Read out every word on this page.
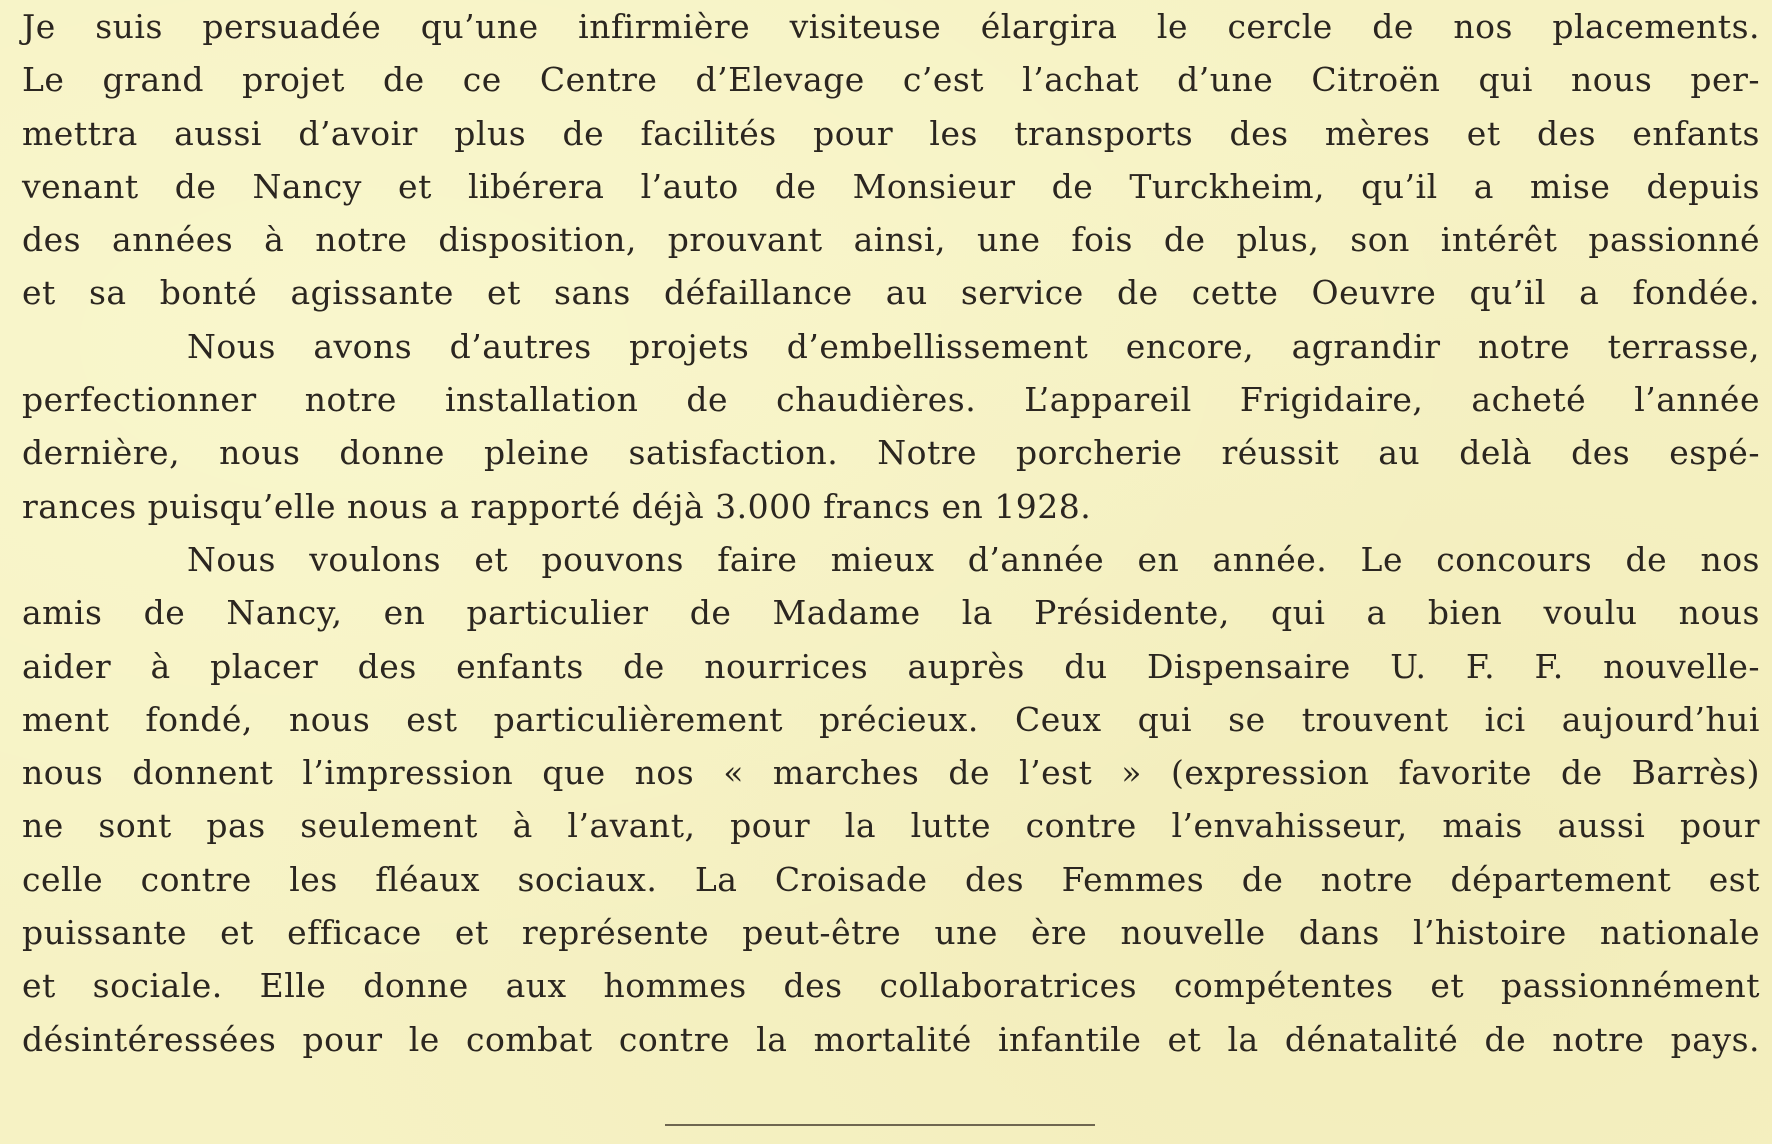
Je suis persuadée qu’une infirmière visiteuse élargira le cercle de nos placements.
Le grand projet de ce Centre d’Elevage c’est l’achat d’une Citroën qui nous per-
mettra aussi d’avoir plus de facilités pour les transports des mères et des enfants
venant de Nancy et libérera l’auto de Monsieur de Turckheim, qu’il a mise depuis
des années à notre disposition, prouvant ainsi, une fois de plus, son intérêt passionné
et sa bonté agissante et sans défaillance au service de cette Oeuvre qu’il a fondée.
Nous avons d’autres projets d’embellissement encore, agrandir notre terrasse,
perfectionner notre installation de chaudières. L’appareil Frigidaire, acheté l’année
dernière, nous donne pleine satisfaction. Notre porcherie réussit au delà des espé-
rances puisqu’elle nous a rapporté déjà 3.000 francs en 1928.
Nous voulons et pouvons faire mieux d’année en année. Le concours de nos
amis de Nancy, en particulier de Madame la Présidente, qui a bien voulu nous
aider à placer des enfants de nourrices auprès du Dispensaire U. F. F. nouvelle-
ment fondé, nous est particulièrement précieux. Ceux qui se trouvent ici aujourd’hui
nous donnent l’impression que nos « marches de l’est » (expression favorite de Barrès)
ne sont pas seulement à l’avant, pour la lutte contre l’envahisseur, mais aussi pour
celle contre les fléaux sociaux. La Croisade des Femmes de notre département est
puissante et efficace et représente peut-être une ère nouvelle dans l’histoire nationale
et sociale. Elle donne aux hommes des collaboratrices compétentes et passionnément
désintéressées pour le combat contre la mortalité infantile et la dénatalité de notre pays.
